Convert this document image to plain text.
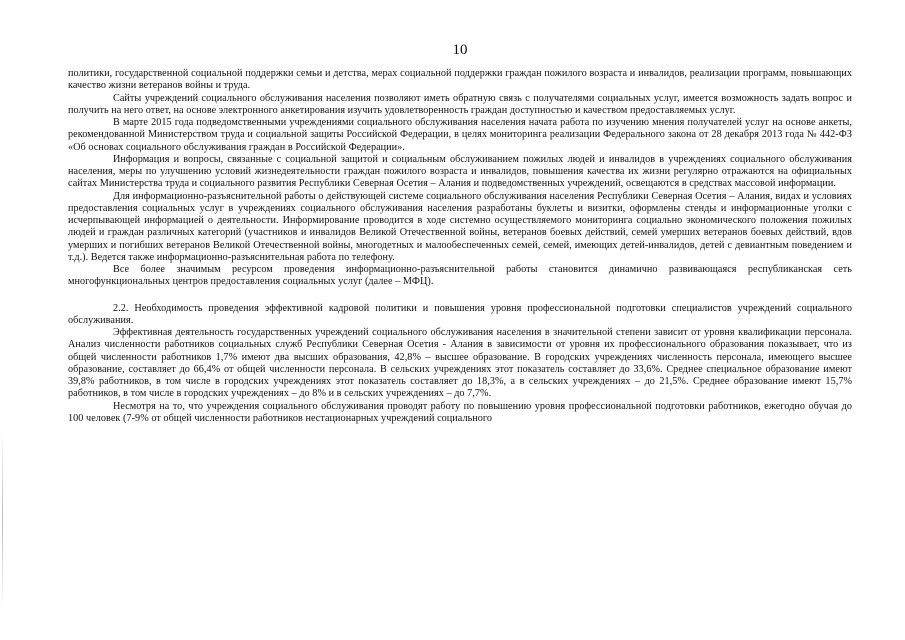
10

политики, государственной социальной поддержки семьи и детства, мерах социальной поддержки граждан пожилого возраста и инвалидов, реализации программ, повышающих качество жизни ветеранов войны и труда.

Сайты учреждений социального обслуживания населения позволяют иметь обратную связь с получателями социальных услуг, имеется возможность задать вопрос и получить на него ответ, на основе электронного анкетирования изучить удовлетворенность граждан доступностью и качеством предоставляемых услуг.

В марте 2015 года подведомственными учреждениями социального обслуживания населения начата работа по изучению мнения получателей услуг на основе анкеты, рекомендованной Министерством труда и социальной защиты Российской Федерации, в целях мониторинга реализации Федерального закона от 28 декабря 2013 года № 442-ФЗ «Об основах социального обслуживания граждан в Российской Федерации».

Информация и вопросы, связанные с социальной защитой и социальным обслуживанием пожилых людей и инвалидов в учреждениях социального обслуживания населения, меры по улучшению условий жизнедеятельности граждан пожилого возраста и инвалидов, повышения качества их жизни регулярно отражаются на официальных сайтах Министерства труда и социального развития Республики Северная Осетия – Алания и подведомственных учреждений, освещаются в средствах массовой информации.

Для информационно-разъяснительной работы о действующей системе социального обслуживания населения Республики Северная Осетия – Алания, видах и условиях предоставления социальных услуг в учреждениях социального обслуживания населения разработаны буклеты и визитки, оформлены стенды и информационные уголки с исчерпывающей информацией о деятельности. Информирование проводится в ходе системно осуществляемого мониторинга социально экономического положения пожилых людей и граждан различных категорий (участников и инвалидов Великой Отечественной войны, ветеранов боевых действий, семей умерших ветеранов боевых действий, вдов умерших и погибших ветеранов Великой Отечественной войны, многодетных и малообеспеченных семей, семей, имеющих детей-инвалидов, детей с девиантным поведением и т.д.). Ведется также информационно-разъяснительная работа по телефону.

Все более значимым ресурсом проведения информационно-разъяснительной работы становится динамично развивающаяся республиканская сеть многофункциональных центров предоставления социальных услуг (далее – МФЦ).

2.2. Необходимость проведения эффективной кадровой политики и повышения уровня профессиональной подготовки специалистов учреждений социального обслуживания.

Эффективная деятельность государственных учреждений социального обслуживания населения в значительной степени зависит от уровня квалификации персонала. Анализ численности работников социальных служб Республики Северная Осетия - Алания в зависимости от уровня их профессионального образования показывает, что из общей численности работников 1,7% имеют два высших образования, 42,8% – высшее образование. В городских учреждениях численность персонала, имеющего высшее образование, составляет до 66,4% от общей численности персонала. В сельских учреждениях этот показатель составляет до 33,6%. Среднее специальное образование имеют 39,8% работников, в том числе в городских учреждениях этот показатель составляет до 18,3%, а в сельских учреждениях – до 21,5%. Среднее образование имеют 15,7% работников, в том числе в городских учреждениях – до 8% и в сельских учреждениях – до 7,7%.

Несмотря на то, что учреждения социального обслуживания проводят работу по повышению уровня профессиональной подготовки работников, ежегодно обучая до 100 человек (7-9% от общей численности работников нестационарных учреждений социального
